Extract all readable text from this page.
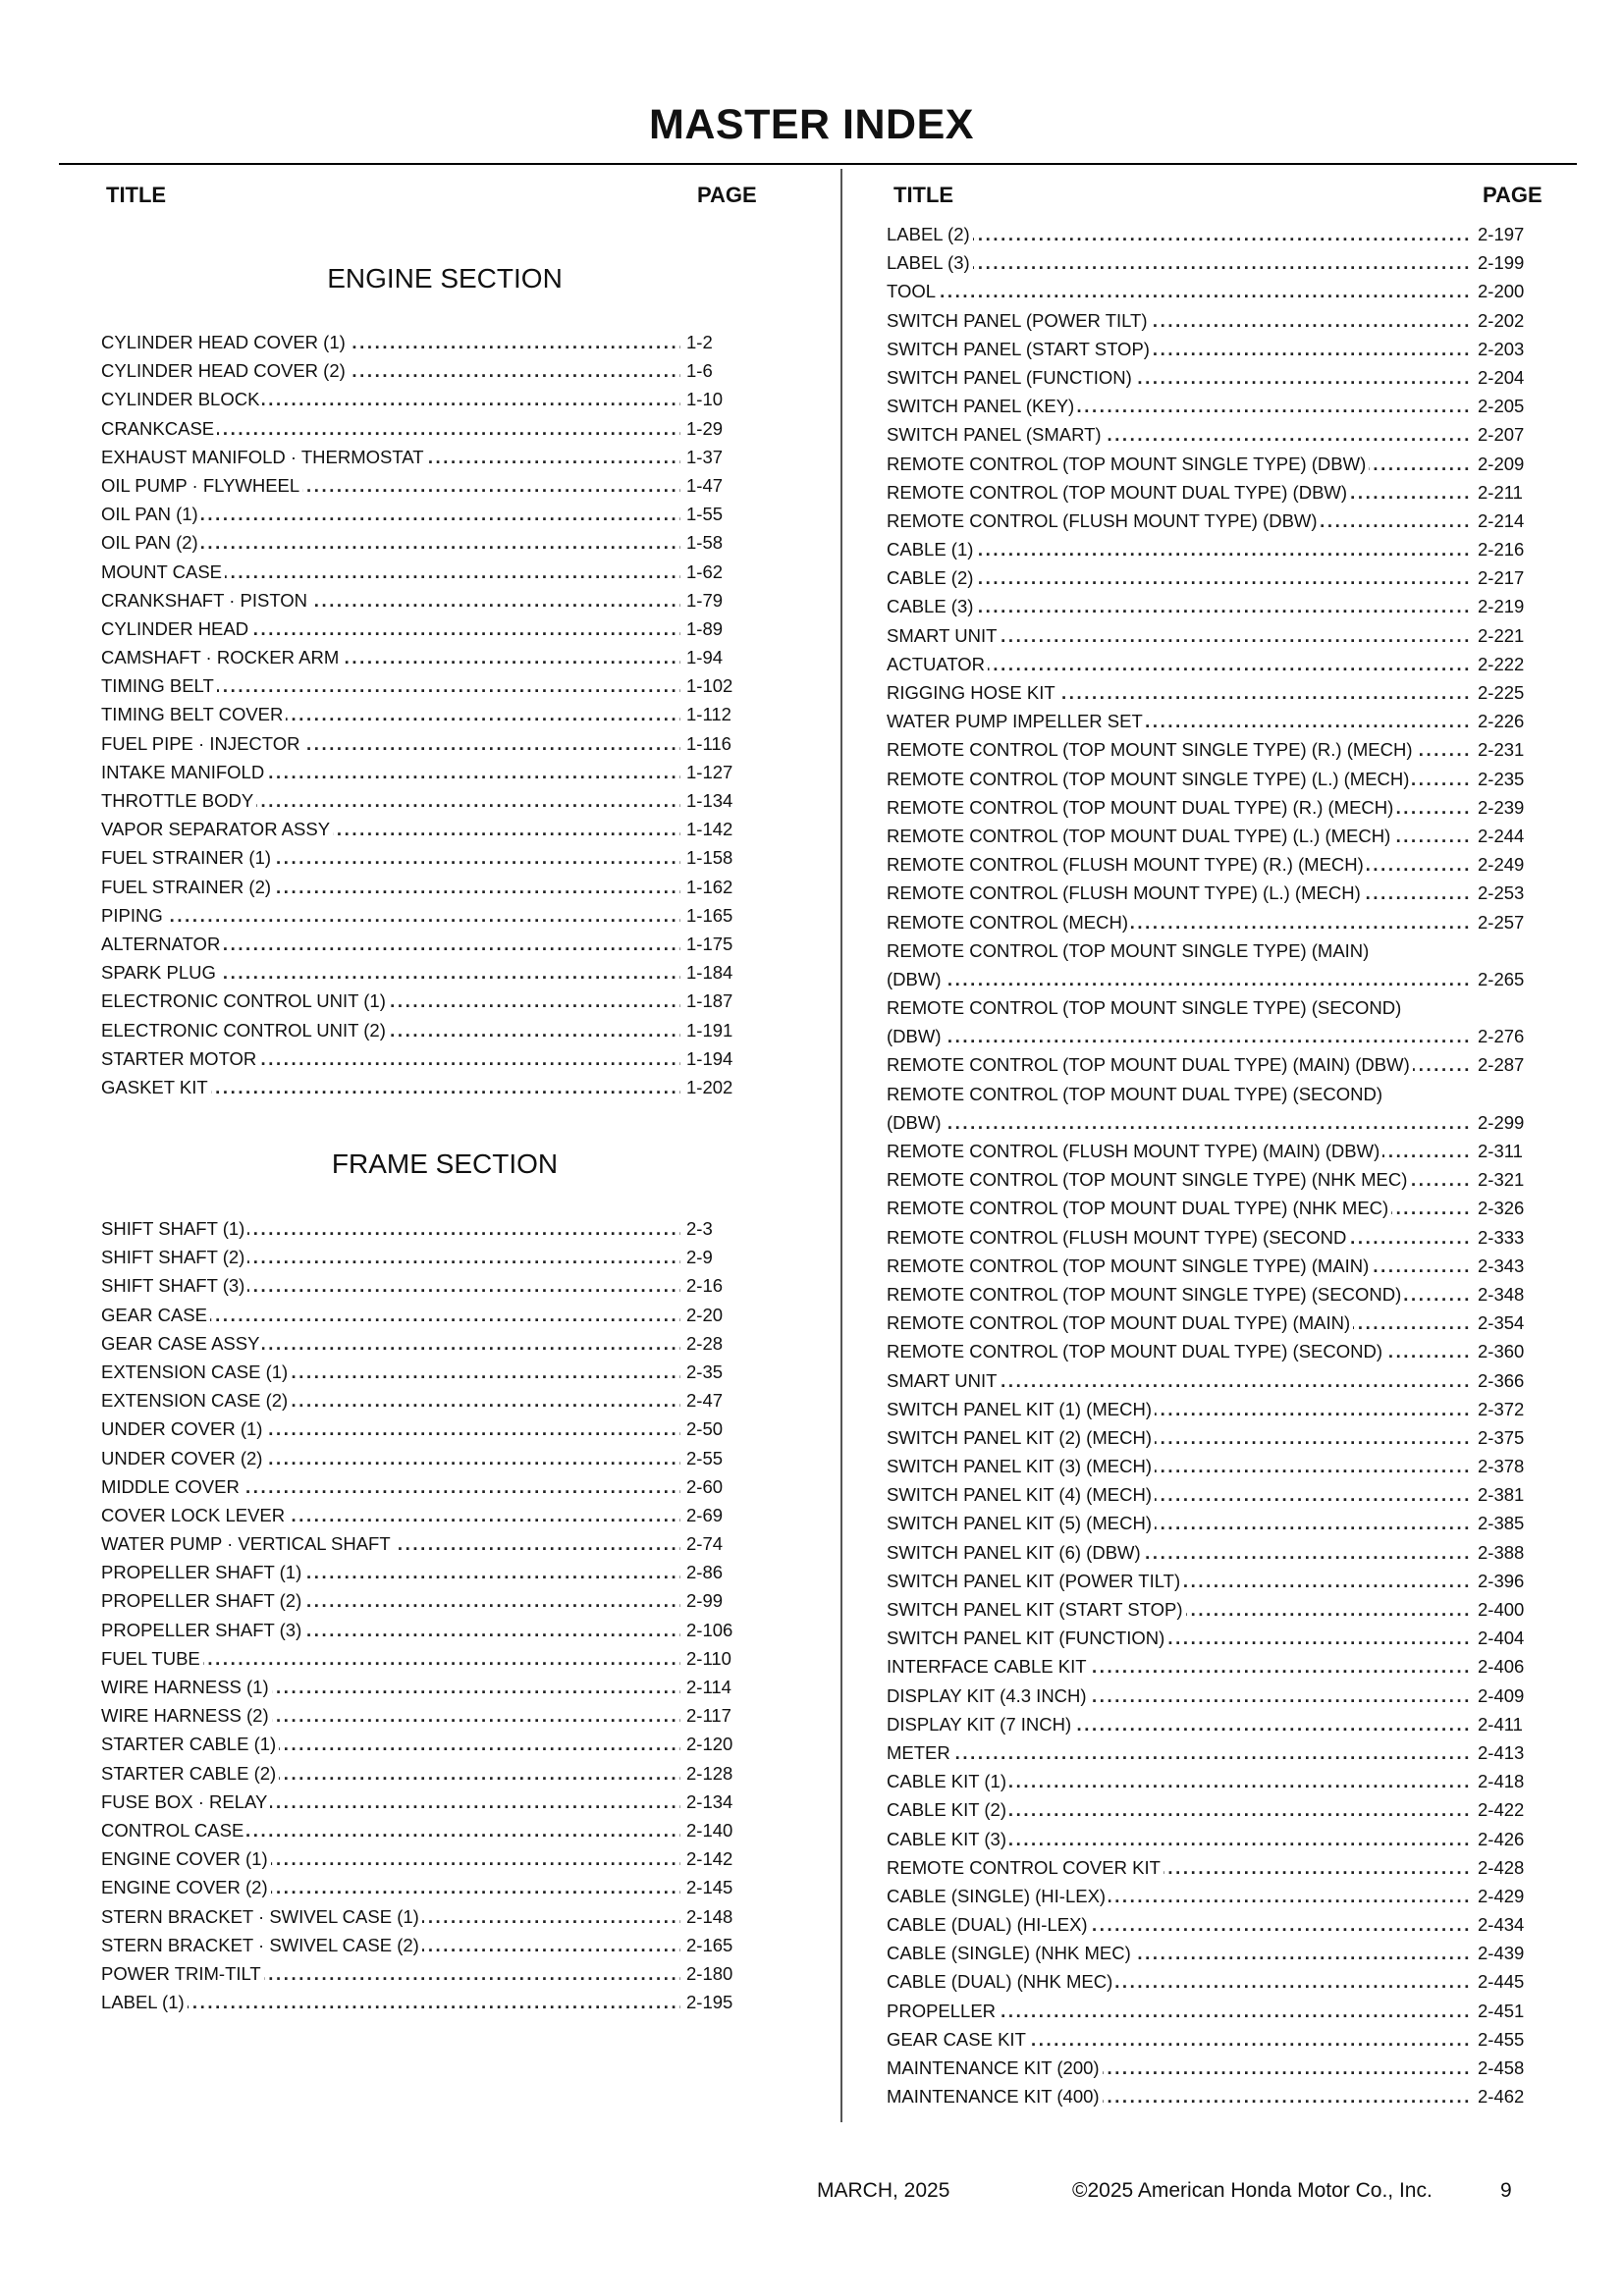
MASTER INDEX
TITLE	PAGE	TITLE	PAGE
ENGINE SECTION
CYLINDER HEAD COVER (1) .....	1-2
CYLINDER HEAD COVER (2) .....	1-6
CYLINDER BLOCK .....	1-10
CRANKCASE .....	1-29
EXHAUST MANIFOLD · THERMOSTAT .....	1-37
OIL PUMP · FLYWHEEL .....	1-47
OIL PAN (1) .....	1-55
OIL PAN (2) .....	1-58
MOUNT CASE .....	1-62
CRANKSHAFT · PISTON .....	1-79
CYLINDER HEAD .....	1-89
CAMSHAFT · ROCKER ARM .....	1-94
TIMING BELT .....	1-102
TIMING BELT COVER .....	1-112
FUEL PIPE · INJECTOR .....	1-116
INTAKE MANIFOLD .....	1-127
THROTTLE BODY .....	1-134
VAPOR SEPARATOR ASSY .....	1-142
FUEL STRAINER (1) .....	1-158
FUEL STRAINER (2) .....	1-162
PIPING .....	1-165
ALTERNATOR .....	1-175
SPARK PLUG .....	1-184
ELECTRONIC CONTROL UNIT (1) .....	1-187
ELECTRONIC CONTROL UNIT (2) .....	1-191
STARTER MOTOR .....	1-194
GASKET KIT .....	1-202
FRAME SECTION
SHIFT SHAFT (1) .....	2-3
SHIFT SHAFT (2) .....	2-9
SHIFT SHAFT (3) .....	2-16
GEAR CASE .....	2-20
GEAR CASE ASSY .....	2-28
EXTENSION CASE (1) .....	2-35
EXTENSION CASE (2) .....	2-47
UNDER COVER (1) .....	2-50
UNDER COVER (2) .....	2-55
MIDDLE COVER .....	2-60
COVER LOCK LEVER .....	2-69
WATER PUMP · VERTICAL SHAFT .....	2-74
PROPELLER SHAFT (1) .....	2-86
PROPELLER SHAFT (2) .....	2-99
PROPELLER SHAFT (3) .....	2-106
FUEL TUBE .....	2-110
WIRE HARNESS (1) .....	2-114
WIRE HARNESS (2) .....	2-117
STARTER CABLE (1) .....	2-120
STARTER CABLE (2) .....	2-128
FUSE BOX · RELAY .....	2-134
CONTROL CASE .....	2-140
ENGINE COVER (1) .....	2-142
ENGINE COVER (2) .....	2-145
STERN BRACKET · SWIVEL CASE (1) .....	2-148
STERN BRACKET · SWIVEL CASE (2) .....	2-165
POWER TRIM-TILT .....	2-180
LABEL (1) .....	2-195
LABEL (2) .....	2-197
LABEL (3) .....	2-199
TOOL .....	2-200
SWITCH PANEL (POWER TILT) .....	2-202
SWITCH PANEL (START STOP) .....	2-203
SWITCH PANEL (FUNCTION) .....	2-204
SWITCH PANEL (KEY) .....	2-205
SWITCH PANEL (SMART) .....	2-207
REMOTE CONTROL (TOP MOUNT SINGLE TYPE) (DBW) .....	2-209
REMOTE CONTROL (TOP MOUNT DUAL TYPE) (DBW) .....	2-211
REMOTE CONTROL (FLUSH MOUNT TYPE) (DBW) .....	2-214
CABLE (1) .....	2-216
CABLE (2) .....	2-217
CABLE (3) .....	2-219
SMART UNIT .....	2-221
ACTUATOR .....	2-222
RIGGING HOSE KIT .....	2-225
WATER PUMP IMPELLER SET .....	2-226
REMOTE CONTROL (TOP MOUNT SINGLE TYPE) (R.) (MECH) .....	2-231
REMOTE CONTROL (TOP MOUNT SINGLE TYPE) (L.) (MECH) .....	2-235
REMOTE CONTROL (TOP MOUNT DUAL TYPE) (R.) (MECH) .....	2-239
REMOTE CONTROL (TOP MOUNT DUAL TYPE) (L.) (MECH) .....	2-244
REMOTE CONTROL (FLUSH MOUNT TYPE) (R.) (MECH) .....	2-249
REMOTE CONTROL (FLUSH MOUNT TYPE) (L.) (MECH) .....	2-253
REMOTE CONTROL (MECH) .....	2-257
REMOTE CONTROL (TOP MOUNT SINGLE TYPE) (MAIN)
(DBW) .....	2-265
REMOTE CONTROL (TOP MOUNT SINGLE TYPE) (SECOND)
(DBW) .....	2-276
REMOTE CONTROL (TOP MOUNT DUAL TYPE) (MAIN) (DBW) .....	2-287
REMOTE CONTROL (TOP MOUNT DUAL TYPE) (SECOND)
(DBW) .....	2-299
REMOTE CONTROL (FLUSH MOUNT TYPE) (MAIN) (DBW) .....	2-311
REMOTE CONTROL (TOP MOUNT SINGLE TYPE) (NHK MEC) .....	2-321
REMOTE CONTROL (TOP MOUNT DUAL TYPE) (NHK MEC) .....	2-326
REMOTE CONTROL (FLUSH MOUNT TYPE) (SECOND .....	2-333
REMOTE CONTROL (TOP MOUNT SINGLE TYPE) (MAIN) .....	2-343
REMOTE CONTROL (TOP MOUNT SINGLE TYPE) (SECOND) .....	2-348
REMOTE CONTROL (TOP MOUNT DUAL TYPE) (MAIN) .....	2-354
REMOTE CONTROL (TOP MOUNT DUAL TYPE) (SECOND) .....	2-360
SMART UNIT .....	2-366
SWITCH PANEL KIT (1) (MECH) .....	2-372
SWITCH PANEL KIT (2) (MECH) .....	2-375
SWITCH PANEL KIT (3) (MECH) .....	2-378
SWITCH PANEL KIT (4) (MECH) .....	2-381
SWITCH PANEL KIT (5) (MECH) .....	2-385
SWITCH PANEL KIT (6) (DBW) .....	2-388
SWITCH PANEL KIT (POWER TILT) .....	2-396
SWITCH PANEL KIT (START STOP) .....	2-400
SWITCH PANEL KIT (FUNCTION) .....	2-404
INTERFACE CABLE KIT .....	2-406
DISPLAY KIT (4.3 INCH) .....	2-409
DISPLAY KIT (7 INCH) .....	2-411
METER .....	2-413
CABLE KIT (1) .....	2-418
CABLE KIT (2) .....	2-422
CABLE KIT (3) .....	2-426
REMOTE CONTROL COVER KIT .....	2-428
CABLE (SINGLE) (HI-LEX) .....	2-429
CABLE (DUAL) (HI-LEX) .....	2-434
CABLE (SINGLE) (NHK MEC) .....	2-439
CABLE (DUAL) (NHK MEC) .....	2-445
PROPELLER .....	2-451
GEAR CASE KIT .....	2-455
MAINTENANCE KIT (200) .....	2-458
MAINTENANCE KIT (400) .....	2-462
MARCH, 2025	©2025 American Honda Motor Co., Inc.	9
